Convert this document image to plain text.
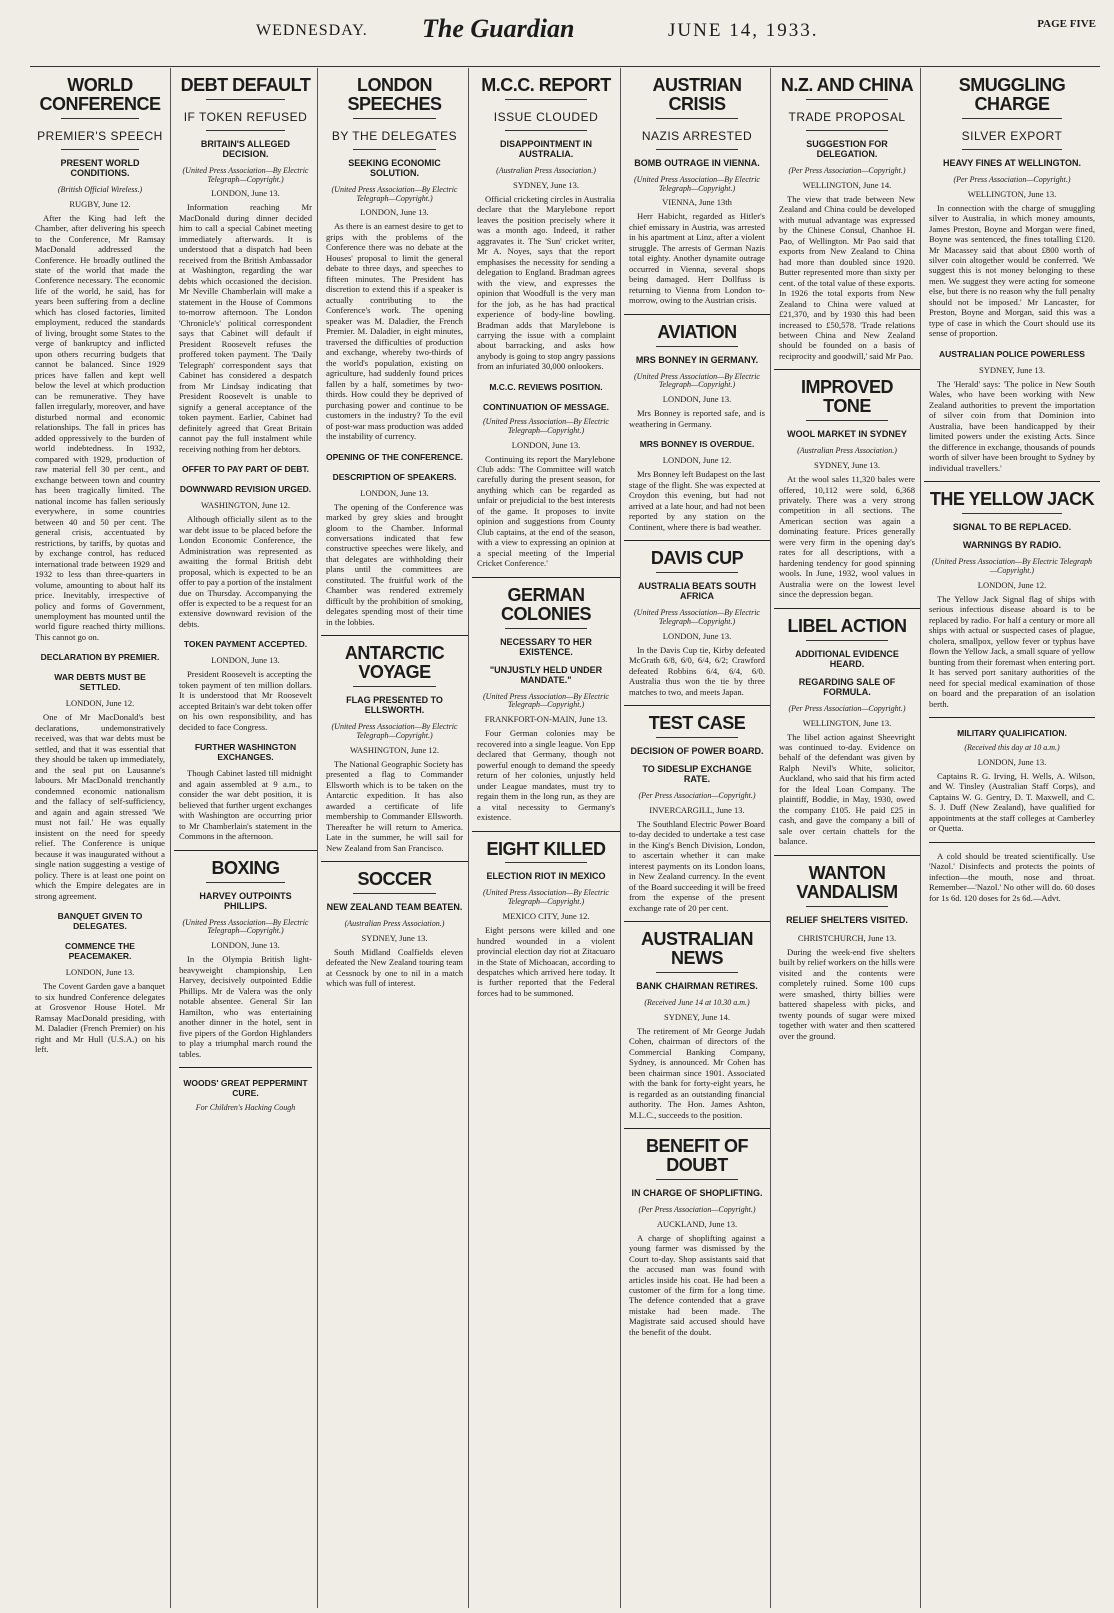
WEDNESDAY. The Guardian	JUNE 14, 1933.	PAGE FIVE
WORLD CONFERENCE
PREMIER'S SPEECH
PRESENT WORLD CONDITIONS.
(British Official Wireless.)
RUGBY, June 12.

After the King had left the Chamber, after delivering his speech to the Conference, Mr Ramsay MacDonald addressed the Conference. He broadly outlined the state of the world that made the Conference necessary. The economic life of the world, he said, has for years been suffering from a decline which has closed factories, limited employment, reduced the standards of living, brought some States to the verge of bankruptcy and inflicted upon others recurring budgets that cannot be balanced. Since 1929 prices have fallen and kept well below the level at which production can be remunerative. They have fallen irregularly, moreover, and have disturbed normal and economic relationships. The fall in prices has added oppressively to the burden of world indebtedness. In 1932, compared with 1929, production of raw material fell 30 per cent., and exchange between town and country has been tragically limited. The national income has fallen seriously everywhere, in some countries between 40 and 50 per cent. The general crisis, accentuated by restrictions, by tariffs, by quotas and by exchange control, has reduced international trade between 1929 and 1932 to less than three-quarters in volume, amounting to about half its price. Inevitably, irrespective of policy and forms of Government, unemployment has mounted until the world figure reached thirty millions. This cannot go on.

DECLARATION BY PREMIER.
WAR DEBTS MUST BE SETTLED.
LONDON, June 12.

One of Mr MacDonald's best declarations, undemonstratively received, was that war debts must be settled, and that it was essential that they should be taken up immediately, and the seal put on Lausanne's labours. Mr MacDonald trenchantly condemned economic nationalism and the fallacy of self-sufficiency, and again and again stressed 'We must not fail.' He was equally insistent on the need for speedy relief. The Conference is unique because it was inaugurated without a single nation suggesting a vestige of policy. There is at least one point on which the Empire delegates are in strong agreement.

BANQUET GIVEN TO DELEGATES.
COMMENCE THE PEACEMAKER.
LONDON, June 13.

The Covent Garden gave a banquet to six hundred Conference delegates at Grosvenor House Hotel. Mr Ramsay MacDonald presiding, with M. Daladier (French Premier) on his right and Mr Hull (U.S.A.) on his left.

DEBT DEFAULT
IF TOKEN REFUSED
BRITAIN'S ALLEGED DECISION.
(United Press Association—By Electric Telegraph—Copyright.)
LONDON, June 13.

Information reaching Mr MacDonald during dinner decided him to call a special Cabinet meeting immediately afterwards. It is understood that a dispatch had been received from the British Ambassador at Washington, regarding the war debts which occasioned the decision. Mr Neville Chamberlain will make a statement in the House of Commons to-morrow afternoon. The London 'Chronicle's' political correspondent says that Cabinet will default if President Roosevelt refuses the proffered token payment. The 'Daily Telegraph' correspondent says that Cabinet has considered a despatch from Mr Lindsay indicating that President Roosevelt is unable to signify a general acceptance of the token payment. Earlier, Cabinet had definitely agreed that Great Britain cannot pay the full instalment while receiving nothing from her debtors.

OFFER TO PAY PART OF DEBT.
DOWNWARD REVISION URGED.
WASHINGTON, June 12.

Although officially silent as to the war debt issue to be placed before the London Economic Conference, the Administration was represented as awaiting the formal British debt proposal, which is expected to be an offer to pay a portion of the instalment due on Thursday. Accompanying the offer is expected to be a request for an extensive downward revision of the debts.

TOKEN PAYMENT ACCEPTED.
LONDON, June 13.

President Roosevelt is accepting the token payment of ten million dollars. It is understood that Mr Roosevelt accepted Britain's war debt token offer on his own responsibility, and has decided to face Congress.

FURTHER WASHINGTON EXCHANGES.

Though Cabinet lasted till midnight and again assembled at 9 a.m., to consider the war debt position, it is believed that further urgent exchanges with Washington are occurring prior to Mr Chamberlain's statement in the Commons in the afternoon.

BOXING
HARVEY OUTPOINTS PHILLIPS.
(United Press Association—By Electric Telegraph—Copyright.)
LONDON, June 13.

In the Olympia British light-heavyweight championship, Len Harvey, decisively outpointed Eddie Phillips. Mr de Valera was the only notable absentee. General Sir Ian Hamilton, who was entertaining another dinner in the hotel, sent in five pipers of the Gordon Highlanders to play a triumphal march round the tables.

WOODS' GREAT PEPPERMINT CURE.
For Children's Hacking Cough
LONDON SPEECHES
BY THE DELEGATES
SEEKING ECONOMIC SOLUTION.
(United Press Association—By Electric Telegraph—Copyright.)
LONDON, June 13.

As there is an earnest desire to get to grips with the problems of the Conference there was no debate at the Houses' proposal to limit the general debate to three days, and speeches to fifteen minutes. The President has discretion to extend this if a speaker is actually contributing to the Conference's work. The opening speaker was M. Daladier, the French Premier. M. Daladier, in eight minutes, traversed the difficulties of production and exchange, whereby two-thirds of the world's population, existing on agriculture, had suddenly found prices fallen by a half, sometimes by two-thirds. How could they be deprived of purchasing power and continue to be customers in the industry? To the evil of post-war mass production was added the instability of currency.

OPENING OF THE CONFERENCE.
DESCRIPTION OF SPEAKERS.
LONDON, June 13.

The opening of the Conference was marked by grey skies and brought gloom to the Chamber. Informal conversations indicated that few constructive speeches were likely, and that delegates are withholding their plans until the committees are constituted. The fruitful work of the Chamber was rendered extremely difficult by the prohibition of smoking, delegates spending most of their time in the lobbies.

ANTARCTIC VOYAGE
FLAG PRESENTED TO ELLSWORTH.
(United Press Association—By Electric Telegraph—Copyright.)
WASHINGTON, June 12.

The National Geographic Society has presented a flag to Commander Ellsworth which is to be taken on the Antarctic expedition. It has also awarded a certificate of life membership to Commander Ellsworth. Thereafter he will return to America. Late in the summer, he will sail for New Zealand from San Francisco.

SOCCER
NEW ZEALAND TEAM BEATEN.
(Australian Press Association.)
SYDNEY, June 13.

South Midland Coalfields eleven defeated the New Zealand touring team at Cessnock by one to nil in a match which was full of interest.

M.C.C. REPORT
ISSUE CLOUDED
DISAPPOINTMENT IN AUSTRALIA.
(Australian Press Association.)
SYDNEY, June 13.

Official cricketing circles in Australia declare that the Marylebone report leaves the position precisely where it was a month ago. Indeed, it rather aggravates it. The 'Sun' cricket writer, Mr A. Noyes, says that the report emphasises the necessity for sending a delegation to England. Bradman agrees with the view, and expresses the opinion that Woodfull is the very man for the job, as he has had practical experience of body-line bowling. Bradman adds that Marylebone is carrying the issue with a complaint about barracking, and asks how anybody is going to stop angry passions from an infuriated 30,000 onlookers.

M.C.C. REVIEWS POSITION.
CONTINUATION OF MESSAGE.
(United Press Association—By Electric Telegraph—Copyright.)
LONDON, June 13.

Continuing its report the Marylebone Club adds: 'The Committee will watch carefully during the present season, for anything which can be regarded as unfair or prejudicial to the best interests of the game. It proposes to invite opinion and suggestions from County Club captains, at the end of the season, with a view to expressing an opinion at a special meeting of the Imperial Cricket Conference.'

GERMAN COLONIES
NECESSARY TO HER EXISTENCE.
"UNJUSTLY HELD UNDER MANDATE."
(United Press Association—By Electric Telegraph—Copyright.)
FRANKFORT-ON-MAIN, June 13.

Four German colonies may be recovered into a single league. Von Epp declared that Germany, though not powerful enough to demand the speedy return of her colonies, unjustly held under League mandates, must try to regain them in the long run, as they are a vital necessity to Germany's existence.

EIGHT KILLED
ELECTION RIOT IN MEXICO
(United Press Association—By Electric Telegraph—Copyright.)
MEXICO CITY, June 12.

Eight persons were killed and one hundred wounded in a violent provincial election day riot at Zitacuaro in the State of Michoacan, according to despatches which arrived here today. It is further reported that the Federal forces had to be summoned.

AUSTRIAN CRISIS
NAZIS ARRESTED
BOMB OUTRAGE IN VIENNA.
(United Press Association—By Electric Telegraph—Copyright.)
VIENNA, June 13th

Herr Habicht, regarded as Hitler's chief emissary in Austria, was arrested in his apartment at Linz, after a violent struggle. The arrests of German Nazis total eighty. Another dynamite outrage occurred in Vienna, several shops being damaged. Herr Dollfuss is returning to Vienna from London to-morrow, owing to the Austrian crisis.

AVIATION
MRS BONNEY IN GERMANY.
(United Press Association—By Electric Telegraph—Copyright.)
LONDON, June 13.

Mrs Bonney is reported safe, and is weathering in Germany.

MRS BONNEY IS OVERDUE.
LONDON, June 12.

Mrs Bonney left Budapest on the last stage of the flight. She was expected at Croydon this evening, but had not arrived at a late hour, and had not been reported by any station on the Continent, where there is bad weather.

DAVIS CUP
AUSTRALIA BEATS SOUTH AFRICA
(United Press Association—By Electric Telegraph—Copyright.)
LONDON, June 13.

In the Davis Cup tie, Kirby defeated McGrath 6/8, 6/0, 6/4, 6/2; Crawford defeated Robbins 6/4, 6/4, 6/0. Australia thus won the tie by three matches to two, and meets Japan.

TEST CASE
DECISION OF POWER BOARD.
TO SIDESLIP EXCHANGE RATE.
(Per Press Association—Copyright.)
INVERCARGILL, June 13.

The Southland Electric Power Board to-day decided to undertake a test case in the King's Bench Division, London, to ascertain whether it can make interest payments on its London loans, in New Zealand currency. In the event of the Board succeeding it will be freed from the expense of the present exchange rate of 20 per cent.

AUSTRALIAN NEWS
BANK CHAIRMAN RETIRES.
(Received June 14 at 10.30 a.m.)
SYDNEY, June 14.

The retirement of Mr George Judah Cohen, chairman of directors of the Commercial Banking Company, Sydney, is announced. Mr Cohen has been chairman since 1901. Associated with the bank for forty-eight years, he is regarded as an outstanding financial authority. The Hon. James Ashton, M.L.C., succeeds to the position.

BENEFIT OF DOUBT
IN CHARGE OF SHOPLIFTING.
(Per Press Association—Copyright.)
AUCKLAND, June 13.

A charge of shoplifting against a young farmer was dismissed by the Court to-day. Shop assistants said that the accused man was found with articles inside his coat. He had been a customer of the firm for a long time. The defence contended that a grave mistake had been made. The Magistrate said accused should have the benefit of the doubt.

N.Z. AND CHINA
TRADE PROPOSAL
SUGGESTION FOR DELEGATION.
(Per Press Association—Copyright.)
WELLINGTON, June 14.

The view that trade between New Zealand and China could be developed with mutual advantage was expressed by the Chinese Consul, Chanhoe H. Pao, of Wellington. Mr Pao said that exports from New Zealand to China had more than doubled since 1920. Butter represented more than sixty per cent. of the total value of these exports. In 1926 the total exports from New Zealand to China were valued at £21,370, and by 1930 this had been increased to £50,578. 'Trade relations between China and New Zealand should be founded on a basis of reciprocity and goodwill,' said Mr Pao.

IMPROVED TONE
WOOL MARKET IN SYDNEY
(Australian Press Association.)
SYDNEY, June 13.

At the wool sales 11,320 bales were offered, 10,112 were sold, 6,368 privately. There was a very strong competition in all sections. The American section was again a dominating feature. Prices generally were very firm in the opening day's rates for all descriptions, with a hardening tendency for good spinning wools. In June, 1932, wool values in Australia were on the lowest level since the depression began.

LIBEL ACTION
ADDITIONAL EVIDENCE HEARD.
REGARDING SALE OF FORMULA.
(Per Press Association—Copyright.)
WELLINGTON, June 13.

The libel action against Sheevright was continued to-day. Evidence on behalf of the defendant was given by Ralph Nevil's White, solicitor, Auckland, who said that his firm acted for the Ideal Loan Company. The plaintiff, Boddie, in May, 1930, owed the company £105. He paid £25 in cash, and gave the company a bill of sale over certain chattels for the balance.

WANTON VANDALISM
RELIEF SHELTERS VISITED.
CHRISTCHURCH, June 13.

During the week-end five shelters built by relief workers on the hills were visited and the contents were completely ruined. Some 100 cups were smashed, thirty billies were battered shapeless with picks, and twenty pounds of sugar were mixed together with water and then scattered over the ground.

SMUGGLING CHARGE
SILVER EXPORT
HEAVY FINES AT WELLINGTON.
(Per Press Association—Copyright.)
WELLINGTON, June 13.

In connection with the charge of smuggling silver to Australia, in which money amounts, James Preston, Boyne and Morgan were fined, Boyne was sentenced, the fines totalling £120. Mr Macassey said that about £800 worth of silver coin altogether would be conferred. 'We suggest this is not money belonging to these men. We suggest they were acting for someone else, but there is no reason why the full penalty should not be imposed.' Mr Lancaster, for Preston, Boyne and Morgan, said this was a type of case in which the Court should use its sense of proportion.

AUSTRALIAN POLICE POWERLESS
SYDNEY, June 13.

The 'Herald' says: 'The police in New South Wales, who have been working with New Zealand authorities to prevent the importation of silver coin from that Dominion into Australia, have been handicapped by their limited powers under the existing Acts. Since the difference in exchange, thousands of pounds worth of silver have been brought to Sydney by individual travellers.'

THE YELLOW JACK
SIGNAL TO BE REPLACED.
WARNINGS BY RADIO.
(United Press Association—By Electric Telegraph—Copyright.)
LONDON, June 12.

The Yellow Jack Signal flag of ships with serious infectious disease aboard is to be replaced by radio. For half a century or more all ships with actual or suspected cases of plague, cholera, smallpox, yellow fever or typhus have flown the Yellow Jack, a small square of yellow bunting from their foremast when entering port. It has served port sanitary authorities of the need for special medical examination of those on board and the preparation of an isolation berth.

MILITARY QUALIFICATION.
(Received this day at 10 a.m.)
LONDON, June 13.

Captains R. G. Irving, H. Wells, A. Wilson, and W. Tinsley (Australian Staff Corps), and Captains W. G. Gentry, D. T. Maxwell, and C. S. J. Duff (New Zealand), have qualified for appointments at the staff colleges at Camberley or Quetta.

A cold should be treated scientifically. Use 'Nazol.' Disinfects and protects the points of infection—the mouth, nose and throat. Remember—'Nazol.' No other will do. 60 doses for 1s 6d. 120 doses for 2s 6d.—Advt.
